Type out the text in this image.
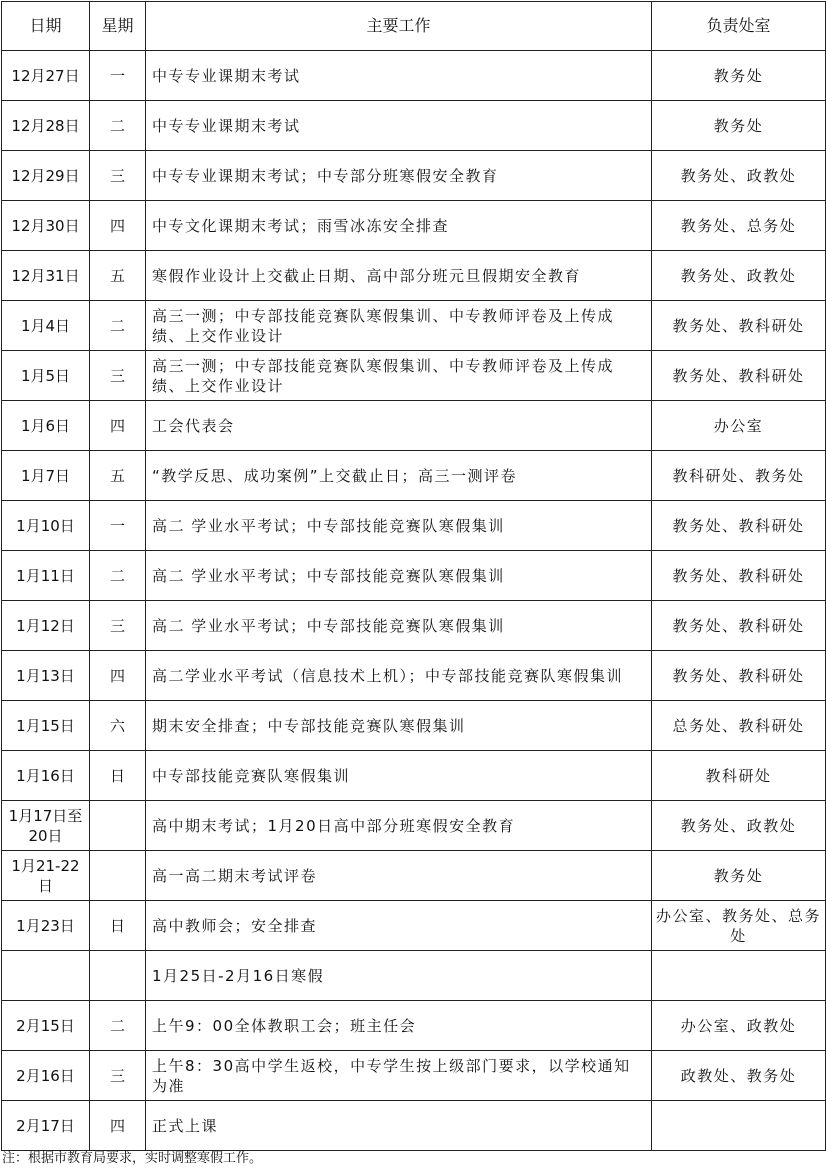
日期	星期	主要工作	负责处室
12月27日	一	中专专业课期末考试	教务处
12月28日	二	中专专业课期末考试	教务处
12月29日	三	中专专业课期末考试；中专部分班寒假安全教育	教务处、政教处
12月30日	四	中专文化课期末考试；雨雪冰冻安全排查	教务处、总务处
12月31日	五	寒假作业设计上交截止日期、高中部分班元旦假期安全教育	教务处、政教处
1月4日	二	高三一测；中专部技能竞赛队寒假集训、中专教师评卷及上传成绩、上交作业设计	教务处、教科研处
1月5日	三	高三一测；中专部技能竞赛队寒假集训、中专教师评卷及上传成绩、上交作业设计	教务处、教科研处
1月6日	四	工会代表会	办公室
1月7日	五	“教学反思、成功案例”上交截止日；高三一测评卷	教科研处、教务处
1月10日	一	高二 学业水平考试；中专部技能竞赛队寒假集训	教务处、教科研处
1月11日	二	高二 学业水平考试；中专部技能竞赛队寒假集训	教务处、教科研处
1月12日	三	高二 学业水平考试；中专部技能竞赛队寒假集训	教务处、教科研处
1月13日	四	高二学业水平考试（信息技术上机）；中专部技能竞赛队寒假集训	教务处、教科研处
1月15日	六	期末安全排查；中专部技能竞赛队寒假集训	总务处、教科研处
1月16日	日	中专部技能竞赛队寒假集训	教科研处
1月17日至20日		高中期末考试；1月20日高中部分班寒假安全教育	教务处、政教处
1月21-22日		高一高二期末考试评卷	教务处
1月23日	日	高中教师会；安全排查	办公室、教务处、总务处
		1月25日-2月16日寒假	
2月15日	二	上午9：00全体教职工会；班主任会	办公室、政教处
2月16日	三	上午8：30高中学生返校，中专学生按上级部门要求，以学校通知为准	政教处、教务处
2月17日	四	正式上课	
注：根据市教育局要求，实时调整寒假工作。
